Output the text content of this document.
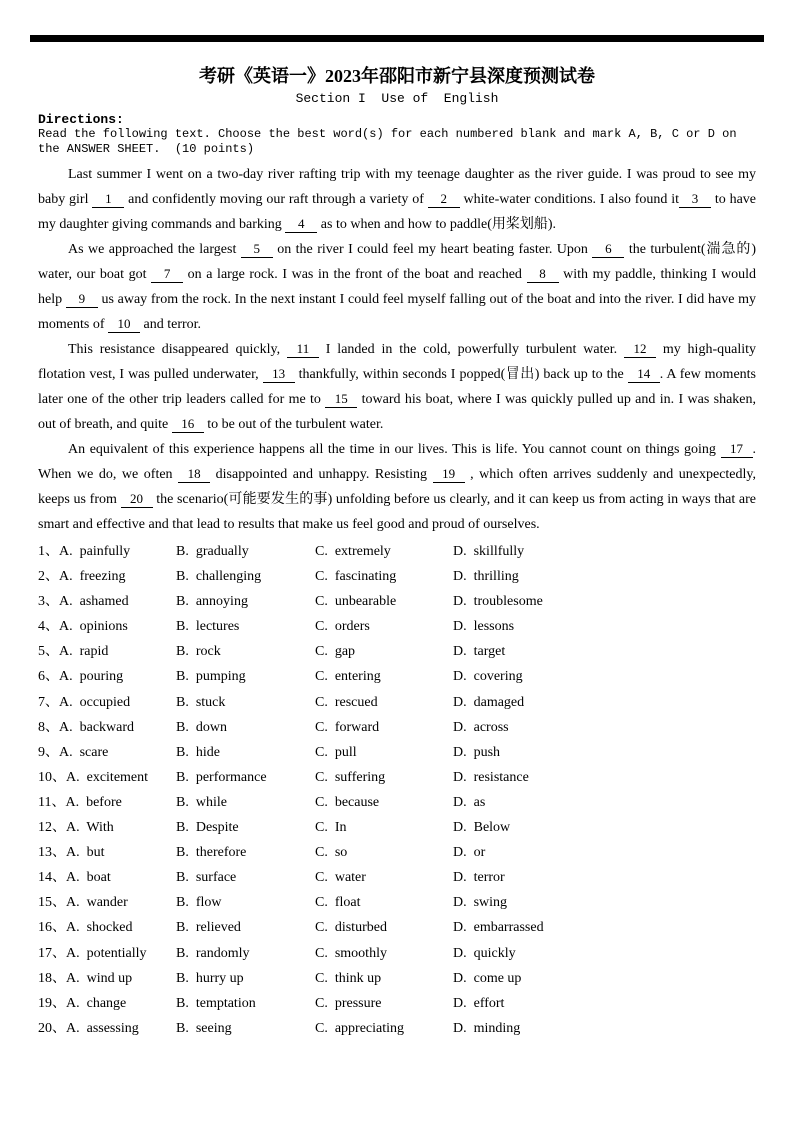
考研《英语一》2023年邵阳市新宁县深度预测试卷
Section I  Use of  English
Directions:
Read the following text. Choose the best word(s) for each numbered blank and mark A, B, C or D on the ANSWER SHEET.  (10 points)

Last summer I went on a two-day river rafting trip with my teenage daughter as the river guide. I was proud to see my baby girl 1 and confidently moving our raft through a variety of 2 white-water conditions. I also found it 3 to have my daughter giving commands and barking 4 as to when and how to paddle(用桨划船).

As we approached the largest 5 on the river I could feel my heart beating faster. Upon 6 the turbulent(湍急的) water, our boat got 7 on a large rock. I was in the front of the boat and reached 8 with my paddle, thinking I would help 9 us away from the rock. In the next instant I could feel myself falling out of the boat and into the river. I did have my moments of 10 and terror.

This resistance disappeared quickly, 11 I landed in the cold, powerfully turbulent water. 12 my high-quality flotation vest, I was pulled underwater, 13 thankfully, within seconds I popped(冒出) back up to the 14 . A few moments later one of the other trip leaders called for me to 15 toward his boat, where I was quickly pulled up and in. I was shaken, out of breath, and quite 16 to be out of the turbulent water.

An equivalent of this experience happens all the time in our lives. This is life. You cannot count on things going 17 . When we do, we often 18 disappointed and unhappy. Resisting 19 , which often arrives suddenly and unexpectedly, keeps us from 20 the scenario(可能要发生的事) unfolding before us clearly, and it can keep us from acting in ways that are smart and effective and that lead to results that make us feel good and proud of ourselves.

1、A.  painfully	B.  gradually	C.  extremely	D.  skillfully
2、A.  freezing	B.  challenging	C.  fascinating	D.  thrilling
3、A.  ashamed	B.  annoying	C.  unbearable	D.  troublesome
4、A.  opinions	B.  lectures	C.  orders	D.  lessons
5、A.  rapid	B.  rock	C.  gap	D.  target
6、A.  pouring	B.  pumping	C.  entering	D.  covering
7、A.  occupied	B.  stuck	C.  rescued	D.  damaged
8、A.  backward	B.  down	C.  forward	D.  across
9、A.  scare	B.  hide	C.  pull	D.  push
10、A.  excitement	B.  performance	C.  suffering	D.  resistance
11、A.  before	B.  while	C.  because	D.  as
12、A.  With	B.  Despite	C.  In	D.  Below
13、A.  but	B.  therefore	C.  so	D.  or
14、A.  boat	B.  surface	C.  water	D.  terror
15、A.  wander	B.  flow	C.  float	D.  swing
16、A.  shocked	B.  relieved	C.  disturbed	D.  embarrassed
17、A.  potentially	B.  randomly	C.  smoothly	D.  quickly
18、A.  wind up	B.  hurry up	C.  think up	D.  come up
19、A.  change	B.  temptation	C.  pressure	D.  effort
20、A.  assessing	B.  seeing	C.  appreciating	D.  minding
